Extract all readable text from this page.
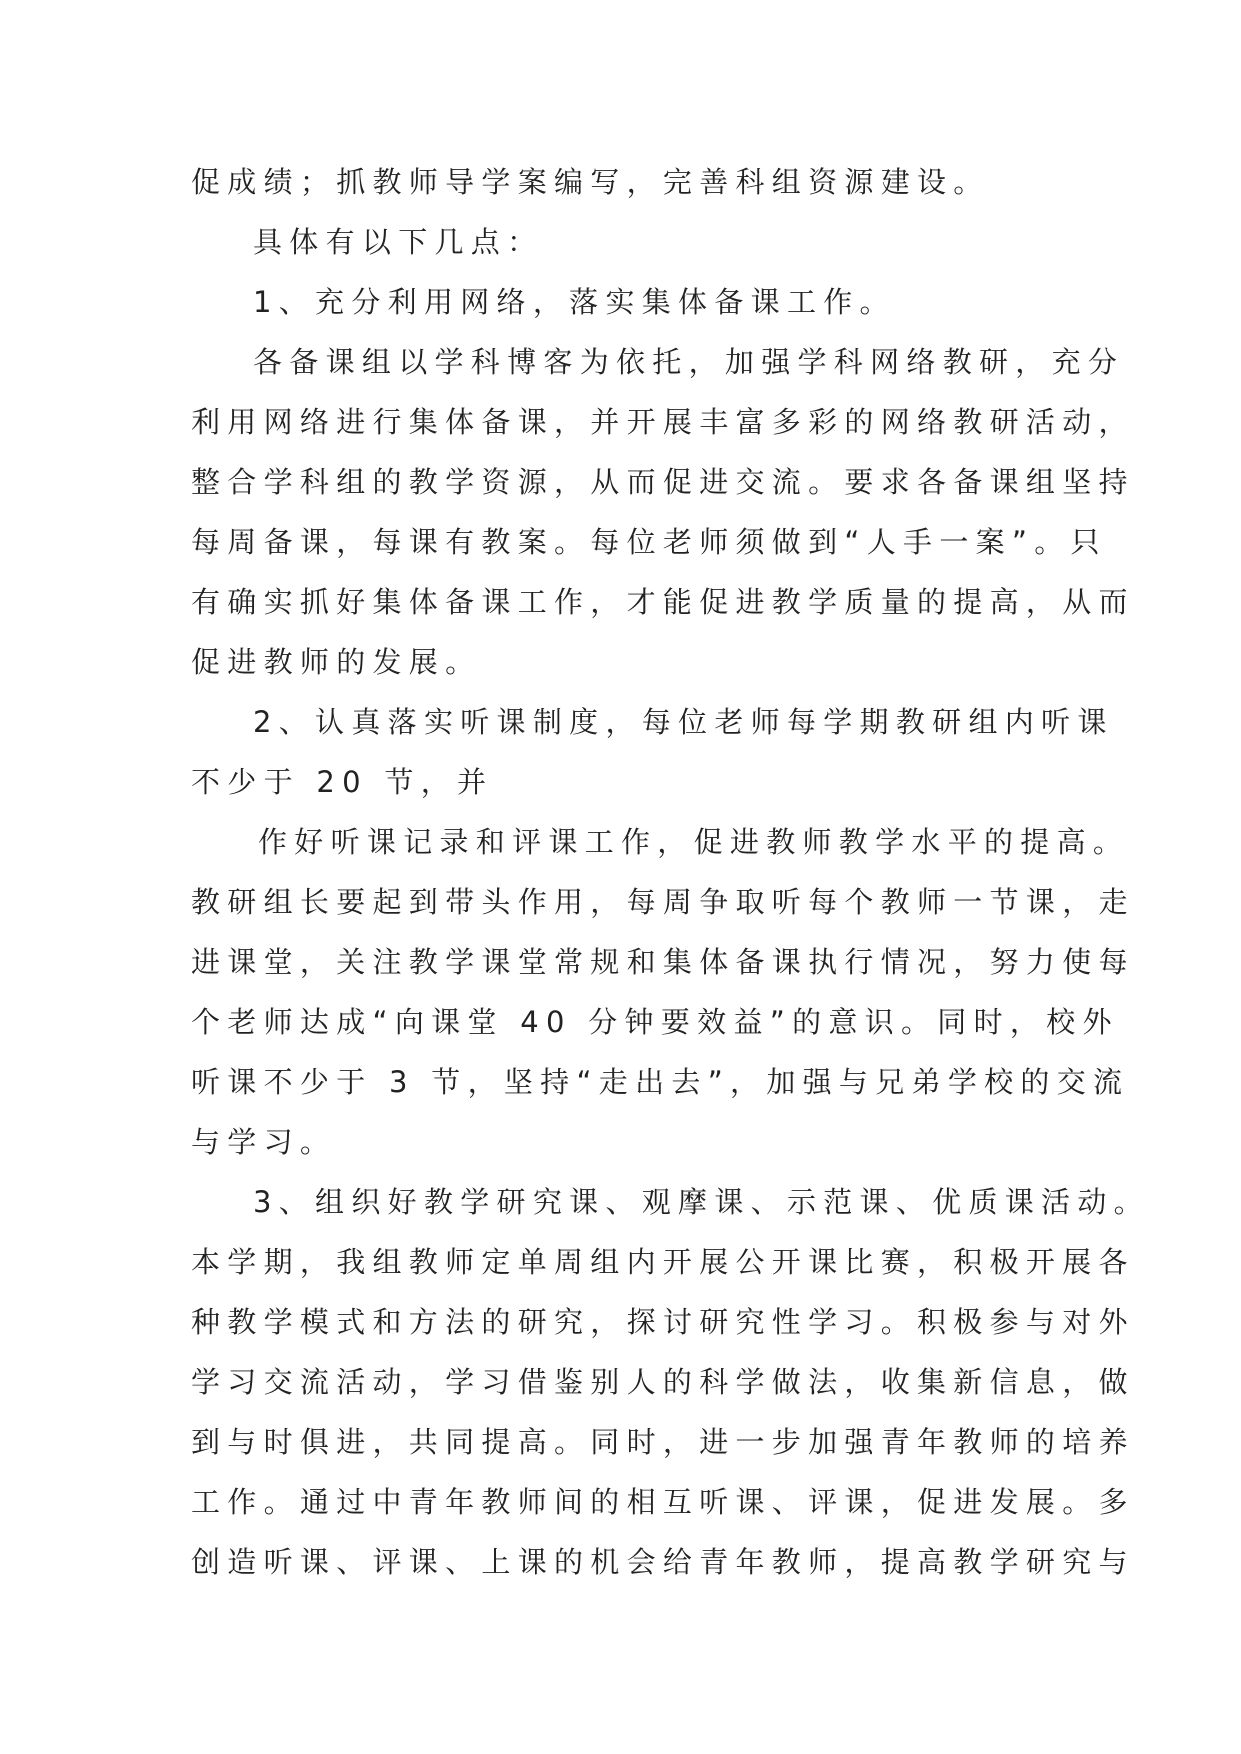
促成绩；抓教师导学案编写，完善科组资源建设。
具体有以下几点：
1、充分利用网络，落实集体备课工作。
各备课组以学科博客为依托，加强学科网络教研，充分
利用网络进行集体备课，并开展丰富多彩的网络教研活动，
整合学科组的教学资源，从而促进交流。要求各备课组坚持
每周备课，每课有教案。每位老师须做到“人手一案”。只
有确实抓好集体备课工作，才能促进教学质量的提高，从而
促进教师的发展。
2、认真落实听课制度，每位老师每学期教研组内听课
不少于 20 节，并
作好听课记录和评课工作，促进教师教学水平的提高。
教研组长要起到带头作用，每周争取听每个教师一节课，走
进课堂，关注教学课堂常规和集体备课执行情况，努力使每
个老师达成“向课堂 40 分钟要效益”的意识。同时，校外
听课不少于 3 节，坚持“走出去”，加强与兄弟学校的交流
与学习。
3、组织好教学研究课、观摩课、示范课、优质课活动。
本学期，我组教师定单周组内开展公开课比赛，积极开展各
种教学模式和方法的研究，探讨研究性学习。积极参与对外
学习交流活动，学习借鉴别人的科学做法，收集新信息，做
到与时俱进，共同提高。同时，进一步加强青年教师的培养
工作。通过中青年教师间的相互听课、评课，促进发展。多
创造听课、评课、上课的机会给青年教师，提高教学研究与
